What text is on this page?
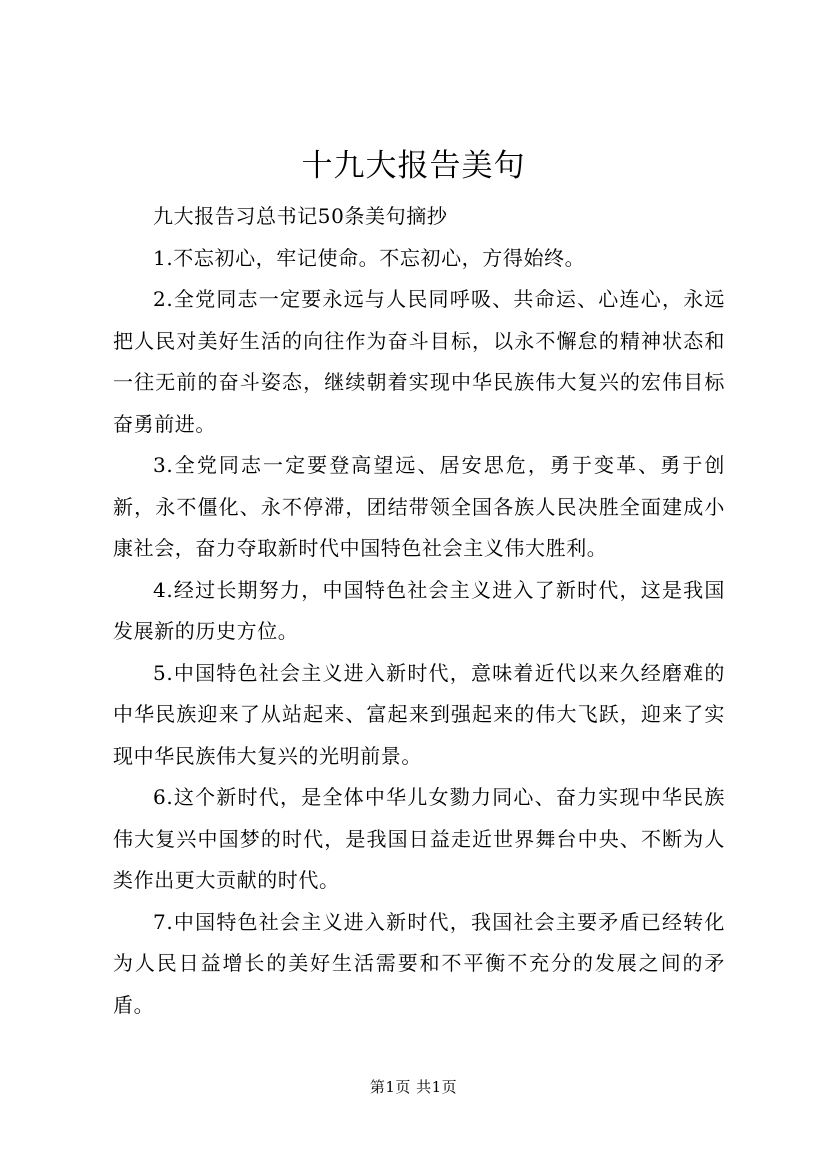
十九大报告美句

九大报告习总书记50条美句摘抄

1.不忘初心，牢记使命。不忘初心，方得始终。

2.全党同志一定要永远与人民同呼吸、共命运、心连心，永远把人民对美好生活的向往作为奋斗目标，以永不懈怠的精神状态和一往无前的奋斗姿态，继续朝着实现中华民族伟大复兴的宏伟目标奋勇前进。

3.全党同志一定要登高望远、居安思危，勇于变革、勇于创新，永不僵化、永不停滞，团结带领全国各族人民决胜全面建成小康社会，奋力夺取新时代中国特色社会主义伟大胜利。

4.经过长期努力，中国特色社会主义进入了新时代，这是我国发展新的历史方位。

5.中国特色社会主义进入新时代，意味着近代以来久经磨难的中华民族迎来了从站起来、富起来到强起来的伟大飞跃，迎来了实现中华民族伟大复兴的光明前景。

6.这个新时代，是全体中华儿女勠力同心、奋力实现中华民族伟大复兴中国梦的时代，是我国日益走近世界舞台中央、不断为人类作出更大贡献的时代。

7.中国特色社会主义进入新时代，我国社会主要矛盾已经转化为人民日益增长的美好生活需要和不平衡不充分的发展之间的矛盾。

第1页 共1页
